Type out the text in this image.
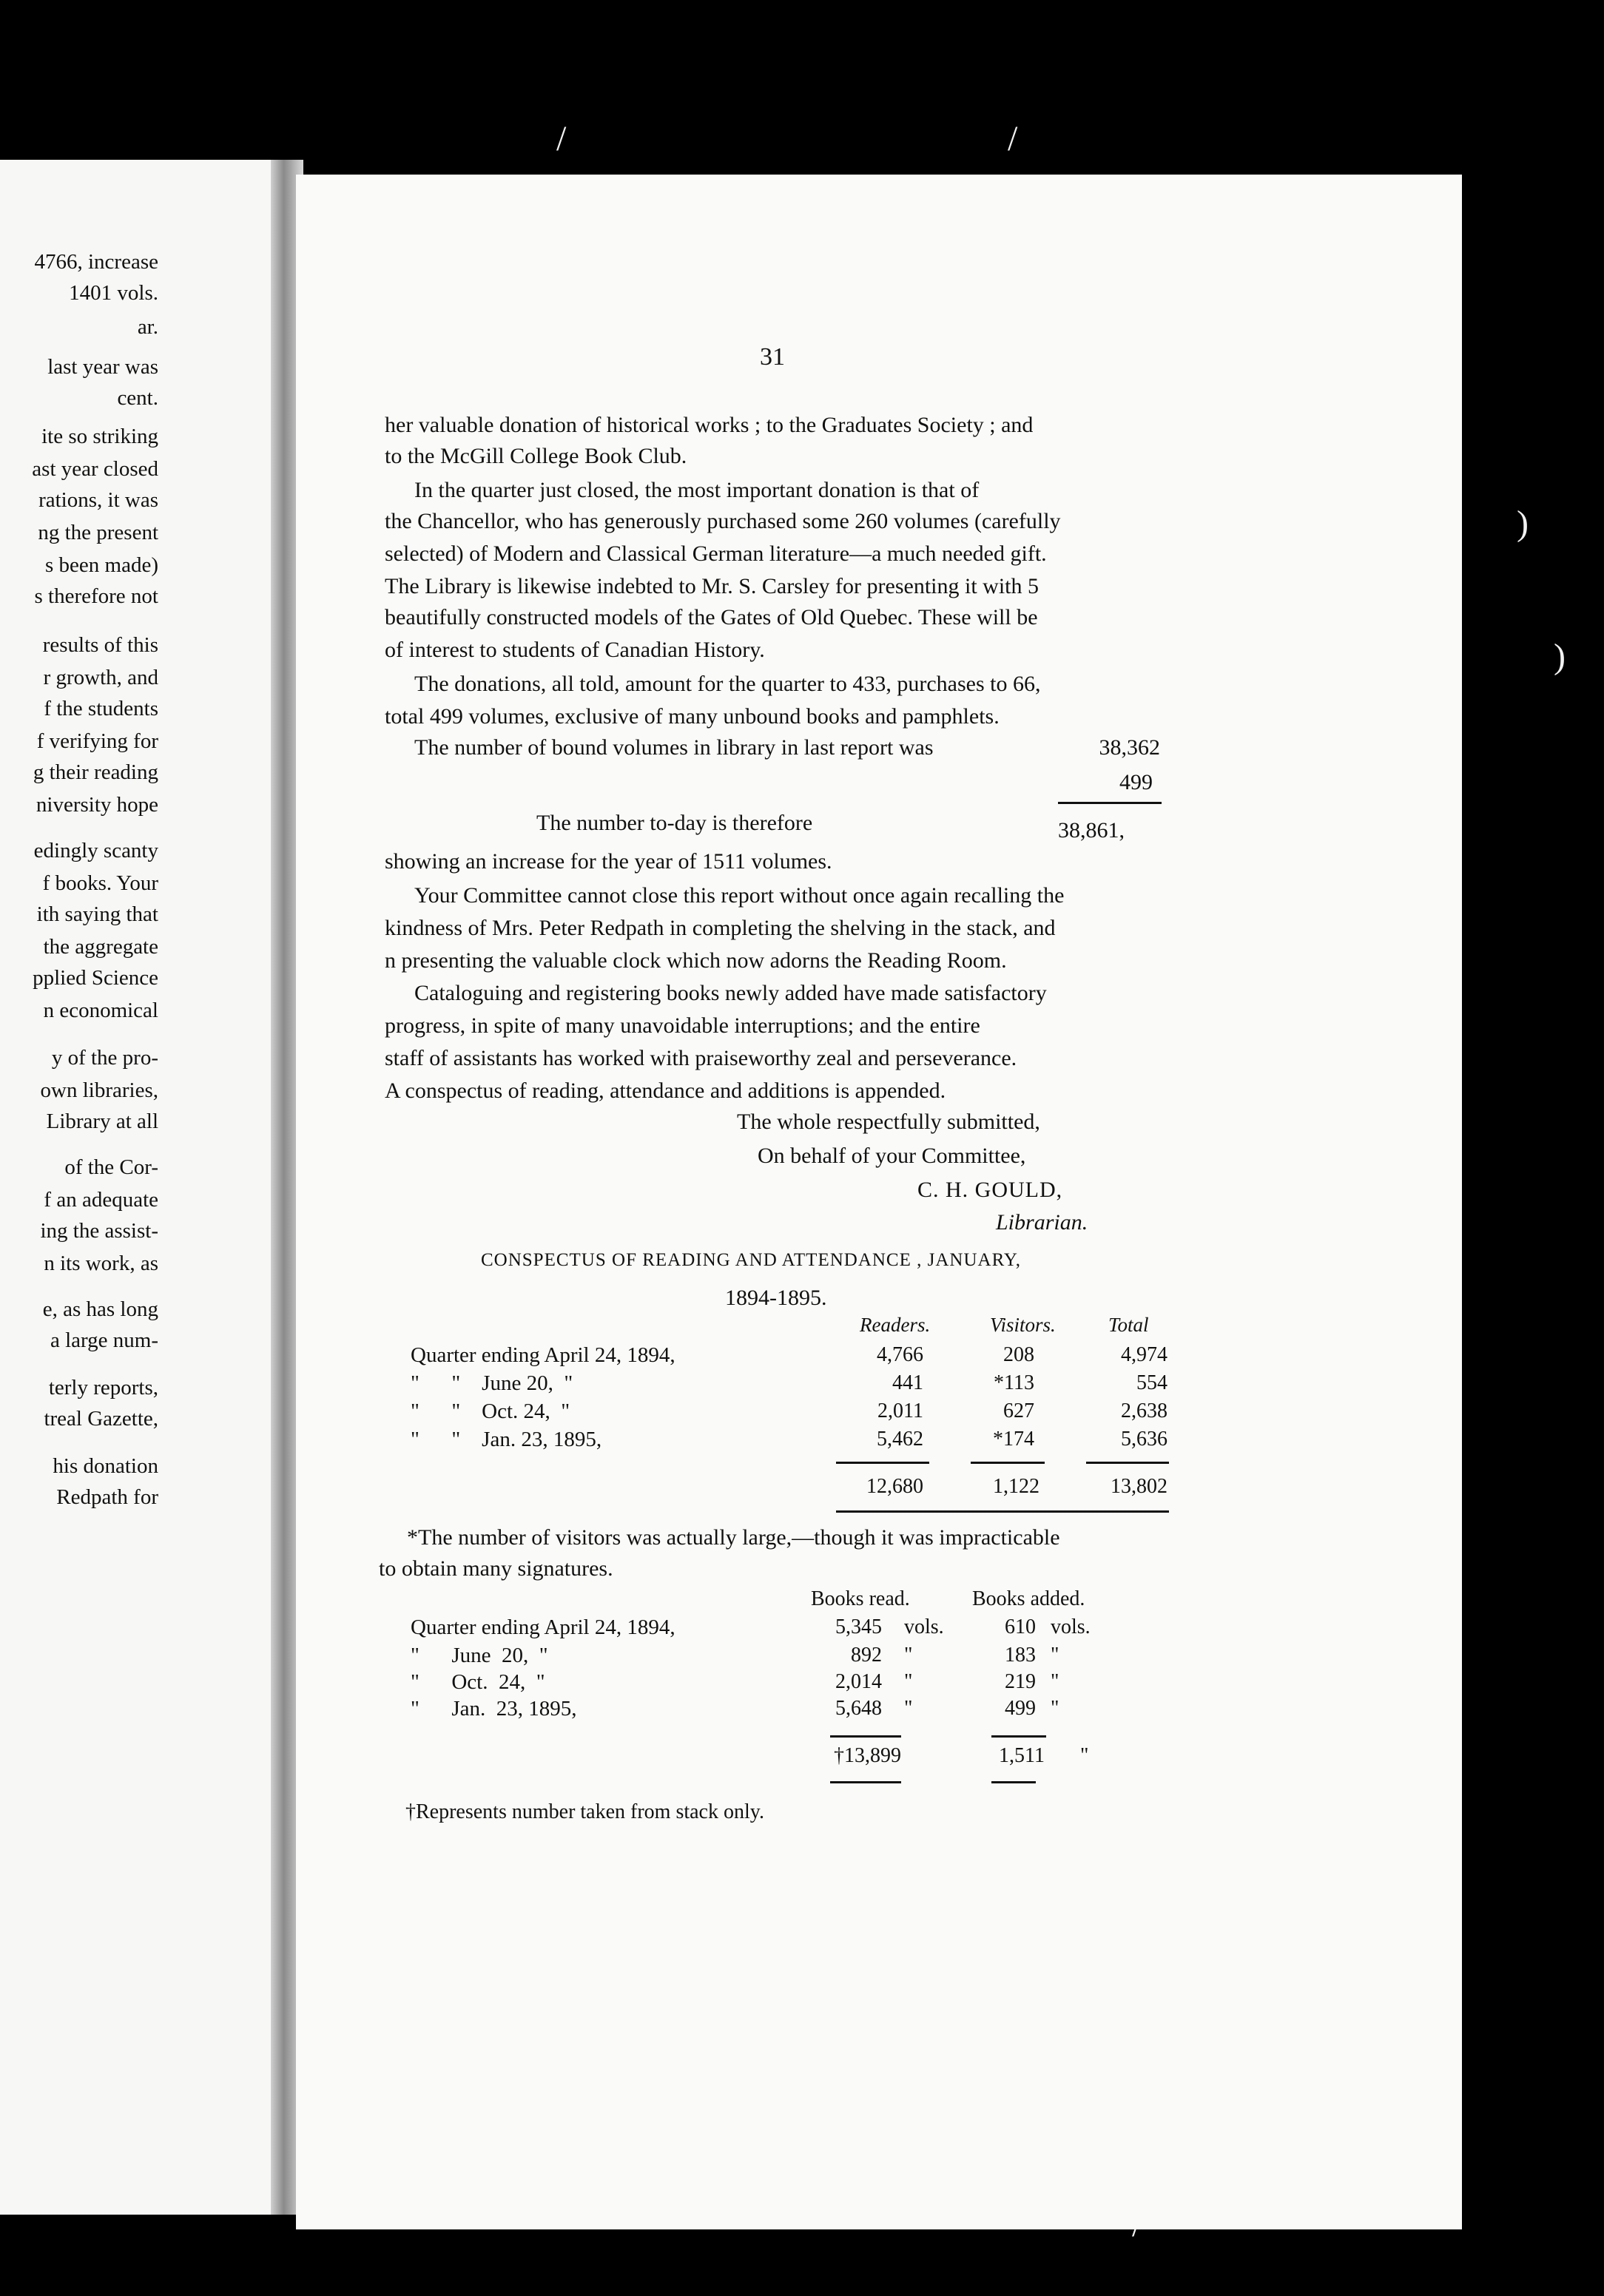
/	/
)
)
4766, increase
1401 vols.
ar.
last year was
cent.
ite so striking
ast year closed
rations, it was
ng the present
s been made)
s therefore not
results of this
r growth, and
f the students
f verifying for
g their reading
niversity hope
edingly scanty
f books. Your
ith saying that
the aggregate
pplied Science
n economical
y of the pro-
own libraries,
Library at all
of the Cor-
f an adequate
ing the assist-
n its work, as
e, as has long
a large num-
terly reports,
treal Gazette,
his donation
Redpath for
31
her valuable donation of historical works ; to the Graduates Society ; and
to the McGill College Book Club.
In the quarter just closed, the most important donation is that of
the Chancellor, who has generously purchased some 260 volumes (carefully
selected) of Modern and Classical German literature—a much needed gift.
The Library is likewise indebted to Mr. S. Carsley for presenting it with 5
beautifully constructed models of the Gates of Old Quebec. These will be
of interest to students of Canadian History.
The donations, all told, amount for the quarter to 433, purchases to 66,
total 499 volumes, exclusive of many unbound books and pamphlets.
The number of bound volumes in library in last report was	38,362
499
The number to-day is therefore	38,861,
showing an increase for the year of 1511 volumes.
Your Committee cannot close this report without once again recalling the
kindness of Mrs. Peter Redpath in completing the shelving in the stack, and
n presenting the valuable clock which now adorns the Reading Room.
Cataloguing and registering books newly added have made satisfactory
progress, in spite of many unavoidable interruptions; and the entire
staff of assistants has worked with praiseworthy zeal and perseverance.
A conspectus of reading, attendance and additions is appended.
The whole respectfully submitted,
On behalf of your Committee,
C. H. GOULD,
Librarian.
CONSPECTUS OF READING AND ATTENDANCE , JANUARY,
1894-1895.
Readers.	Visitors.	Total
Quarter ending April 24, 1894,	4,766	208	4,974
"      "    June 20,  "	441	*113	554
"      "    Oct. 24,  "	2,011	627	2,638
"      "    Jan. 23, 1895,	5,462	*174	5,636
12,680	1,122	13,802
*The number of visitors was actually large,—though it was impracticable
to obtain many signatures.
Books read.	Books added.
Quarter ending April 24, 1894,	5,345 vols.	610 vols.
"      June  20,  "	892 "	183 "
"      Oct.  24,  "	2,014 "	219 "
"      Jan.  23, 1895,	5,648 "	499 "
†13,899	1,511 "
†Represents number taken from stack only.
